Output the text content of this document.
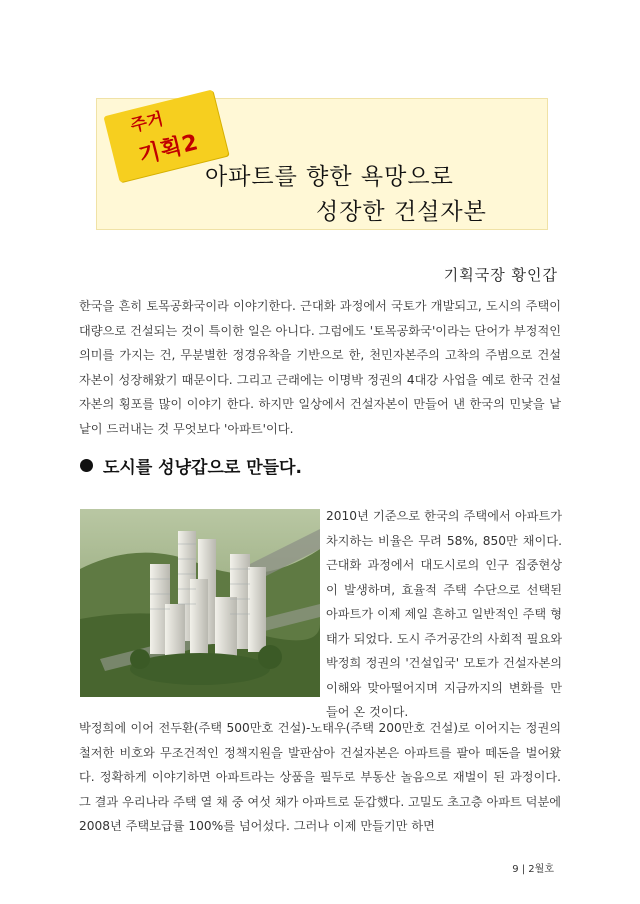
주거
기획2
아파트를 향한 욕망으로
성장한 건설자본
기획국장 황인갑
한국을 흔히 토목공화국이라 이야기한다. 근대화 과정에서 국토가 개발되고, 도시의 주택이 대량으로 건설되는 것이 특이한 일은 아니다. 그럼에도 '토목공화국'이라는 단어가 부정적인 의미를 가지는 건, 무분별한 정경유착을 기반으로 한, 천민자본주의 고착의 주범으로 건설자본이 성장해왔기 때문이다. 그리고 근래에는 이명박 정권의 4대강 사업을 예로 한국 건설자본의 횡포를 많이 이야기 한다. 하지만 일상에서 건설자본이 만들어 낸 한국의 민낯을 낱낱이 드러내는 것 무엇보다 '아파트'이다.
도시를 성냥갑으로 만들다.
2010년 기준으로 한국의 주택에서 아파트가 차지하는 비율은 무려 58%, 850만 채이다. 근대화 과정에서 대도시로의 인구 집중현상이 발생하며, 효율적 주택 수단으로 선택된 아파트가 이제 제일 흔하고 일반적인 주택 형태가 되었다. 도시 주거공간의 사회적 필요와 박정희 정권의 '건설입국' 모토가 건설자본의 이해와 맞아떨어지며 지금까지의 변화를 만들어 온 것이다.
박정희에 이어 전두환(주택 500만호 건설)-노태우(주택 200만호 건설)로 이어지는 정권의 철저한 비호와 무조건적인 정책지원을 발판삼아 건설자본은 아파트를 팔아 떼돈을 벌어왔다. 정확하게 이야기하면 아파트라는 상품을 필두로 부동산 놀음으로 재벌이 된 과정이다. 그 결과 우리나라 주택 열 채 중 여섯 채가 아파트로 둔갑했다. 고밀도 초고층 아파트 덕분에 2008년 주택보급률 100%를 넘어섰다. 그러나 이제 만들기만 하면
9 | 2월호
